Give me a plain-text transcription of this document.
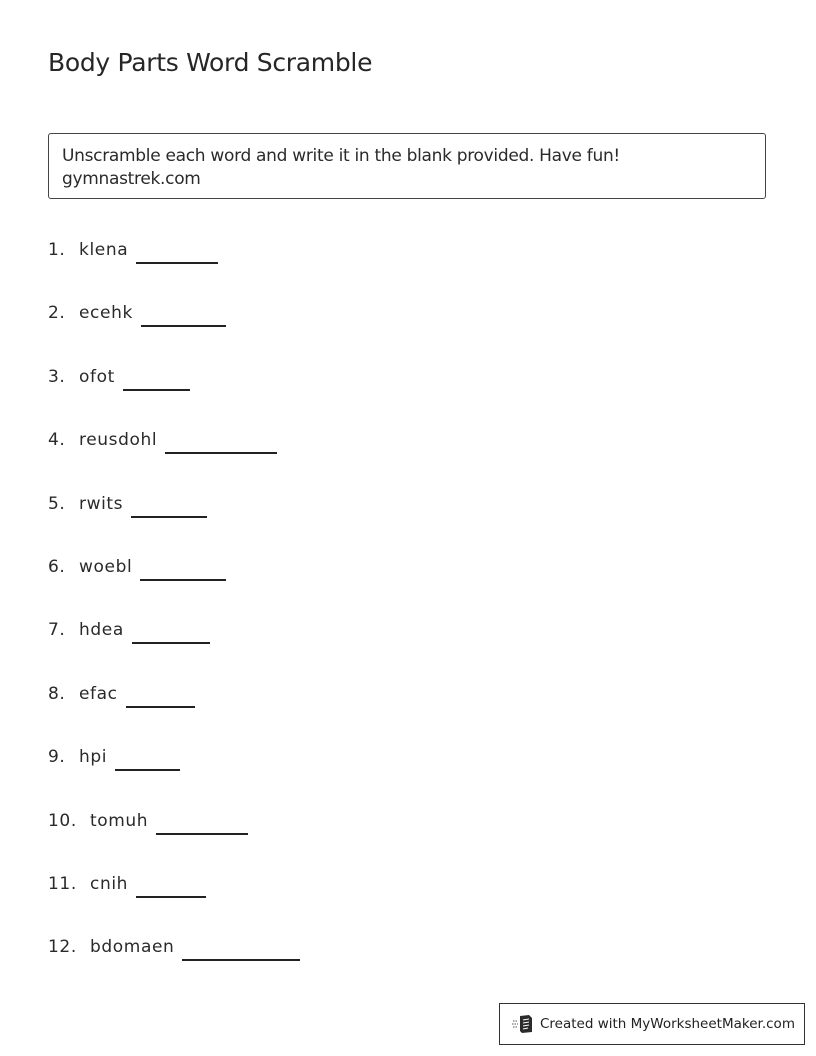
Body Parts Word Scramble
Unscramble each word and write it in the blank provided. Have fun!
gymnastrek.com
1. klena
2. ecehk
3. ofot
4. reusdohl
5. rwits
6. woebl
7. hdea
8. efac
9. hpi
10. tomuh
11. cnih
12. bdomaen
Created with MyWorksheetMaker.com
